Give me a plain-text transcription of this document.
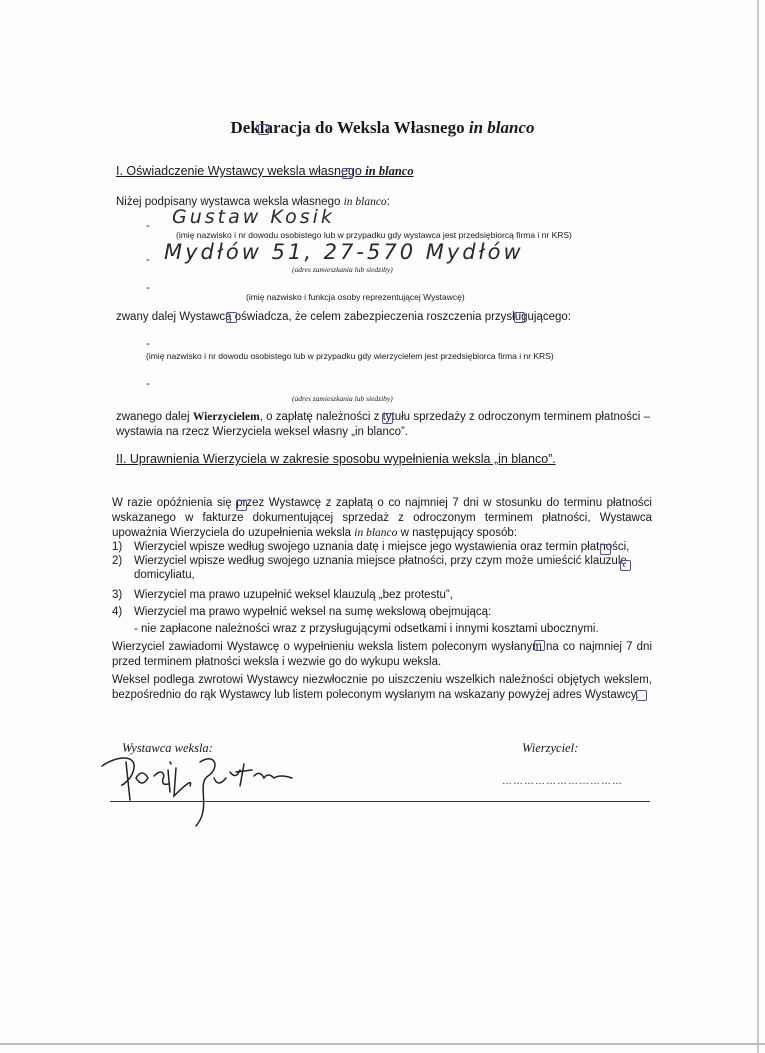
Deklaracja do Weksla Własnego in blanco
I. Oświadczenie Wystawcy weksla własnego in blanco
Niżej podpisany wystawca weksla własnego in blanco:
- Gustaw Kosik
(imię nazwisko i nr dowodu osobistego lub w przypadku gdy wystawca jest przedsiębiorcą firma i nr KRS)
- Mydłów 51, 27-570 Mydłów
(adres zamieszkania lub siedziby)
-
(imię nazwisko i funkcja osoby reprezentującej Wystawcę)
zwany dalej Wystawcą oświadcza, że celem zabezpieczenia roszczenia przysługującego:
-
(imię nazwisko i nr dowodu osobistego lub w przypadku gdy wierzycielem jest przedsiębiorca firma i nr KRS)
-
(adres zamieszkania lub siedziby)
zwanego dalej Wierzycielem, o zapłatę należności z tytułu sprzedaży z odroczonym terminem płatności – wystawia na rzecz Wierzyciela weksel własny „in blanco”.
II. Uprawnienia Wierzyciela w zakresie sposobu wypełnienia weksla „in blanco”.
W razie opóźnienia się przez Wystawcę z zapłatą o co najmniej 7 dni w stosunku do terminu płatności wskazanego w fakturze dokumentującej sprzedaż z odroczonym terminem płatności, Wystawca upoważnia Wierzyciela do uzupełnienia weksla in blanco w następujący sposób:
1) Wierzyciel wpisze według swojego uznania datę i miejsce jego wystawienia oraz termin płatności,
2) Wierzyciel wpisze według swojego uznania miejsce płatności, przy czym może umieścić klauzulę domicyliatu,
3) Wierzyciel ma prawo uzupełnić weksel klauzulą „bez protestu”,
4) Wierzyciel ma prawo wypełnić weksel na sumę wekslową obejmującą:
- nie zapłacone należności wraz z przysługującymi odsetkami i innymi kosztami ubocznymi.
Wierzyciel zawiadomi Wystawcę o wypełnieniu weksla listem poleconym wysłanym na co najmniej 7 dni przed terminem płatności weksla i wezwie go do wykupu weksla.
Weksel podlega zwrotowi Wystawcy niezwłocznie po uiszczeniu wszelkich należności objętych wekslem, bezpośrednio do rąk Wystawcy lub listem poleconym wysłanym na wskazany powyżej adres Wystawcy.
Wystawca weksla:	Wierzyciel:
……………………………
